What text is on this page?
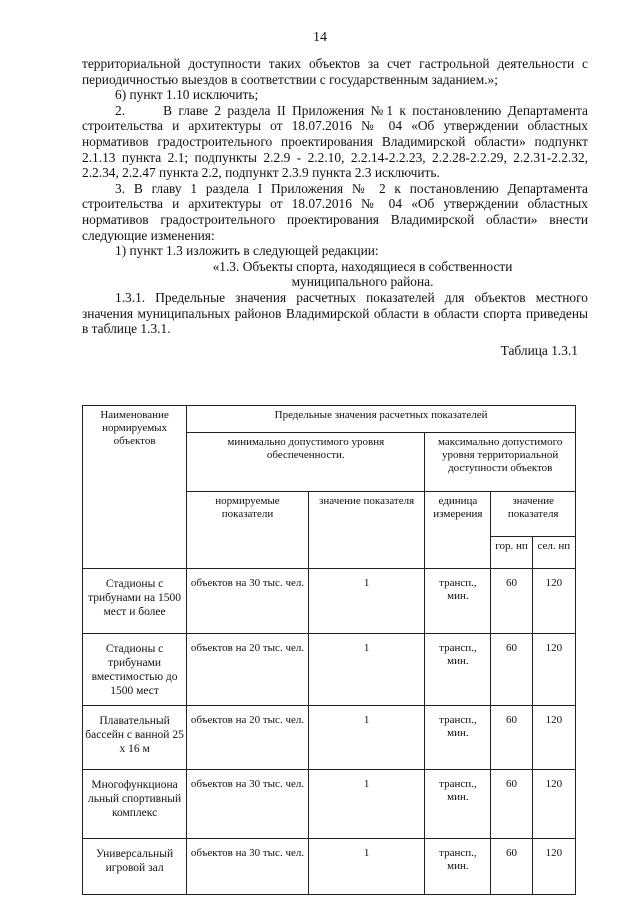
14

территориальной доступности таких объектов за счет гастрольной деятельности с периодичностью выездов в соответствии с государственным заданием.»;

6) пункт 1.10 исключить;

2.      В главе 2 раздела II Приложения №1 к постановлению Департамента строительства и архитектуры от 18.07.2016 № 04 «Об утверждении областных нормативов градостроительного проектирования Владимирской области» подпункт 2.1.13 пункта 2.1; подпункты 2.2.9 - 2.2.10, 2.2.14-2.2.23, 2.2.28-2.2.29, 2.2.31-2.2.32, 2.2.34, 2.2.47 пункта 2.2, подпункт 2.3.9 пункта 2.3 исключить.

3. В главу 1 раздела I Приложения № 2 к постановлению Департамента строительства и архитектуры от 18.07.2016 № 04 «Об утверждении областных нормативов градостроительного проектирования Владимирской области» внести следующие изменения:

1) пункт 1.3 изложить в следующей редакции:

«1.3. Объекты спорта, находящиеся в собственности

муниципального района.

1.3.1. Предельные значения расчетных показателей для объектов местного значения муниципальных районов Владимирской области в области спорта приведены в таблице 1.3.1.

Таблица 1.3.1

Наименование нормируемых объектов	Предельные значения расчетных показателей				
	минимально допустимого уровня обеспеченности.		максимально допустимого уровня территориальной доступности объектов		
	нормируемые показатели	значение показателя	единица измерения	значение показателя	
				гор. нп	сел. нп
Стадионы с трибунами на 1500 мест и более	объектов на 30 тыс. чел.	1	трансп., мин.	60	120
Стадионы с трибунами вместимостью до 1500 мест	объектов на 20 тыс. чел.	1	трансп., мин.	60	120
Плавательный бассейн с ванной 25 х 16 м	объектов на 20 тыс. чел.	1	трансп., мин.	60	120
Многофункциона льный спортивный комплекс	объектов на 30 тыс. чел.	1	трансп., мин.	60	120
Универсальный игровой зал	объектов на 30 тыс. чел.	1	трансп., мин.	60	120
